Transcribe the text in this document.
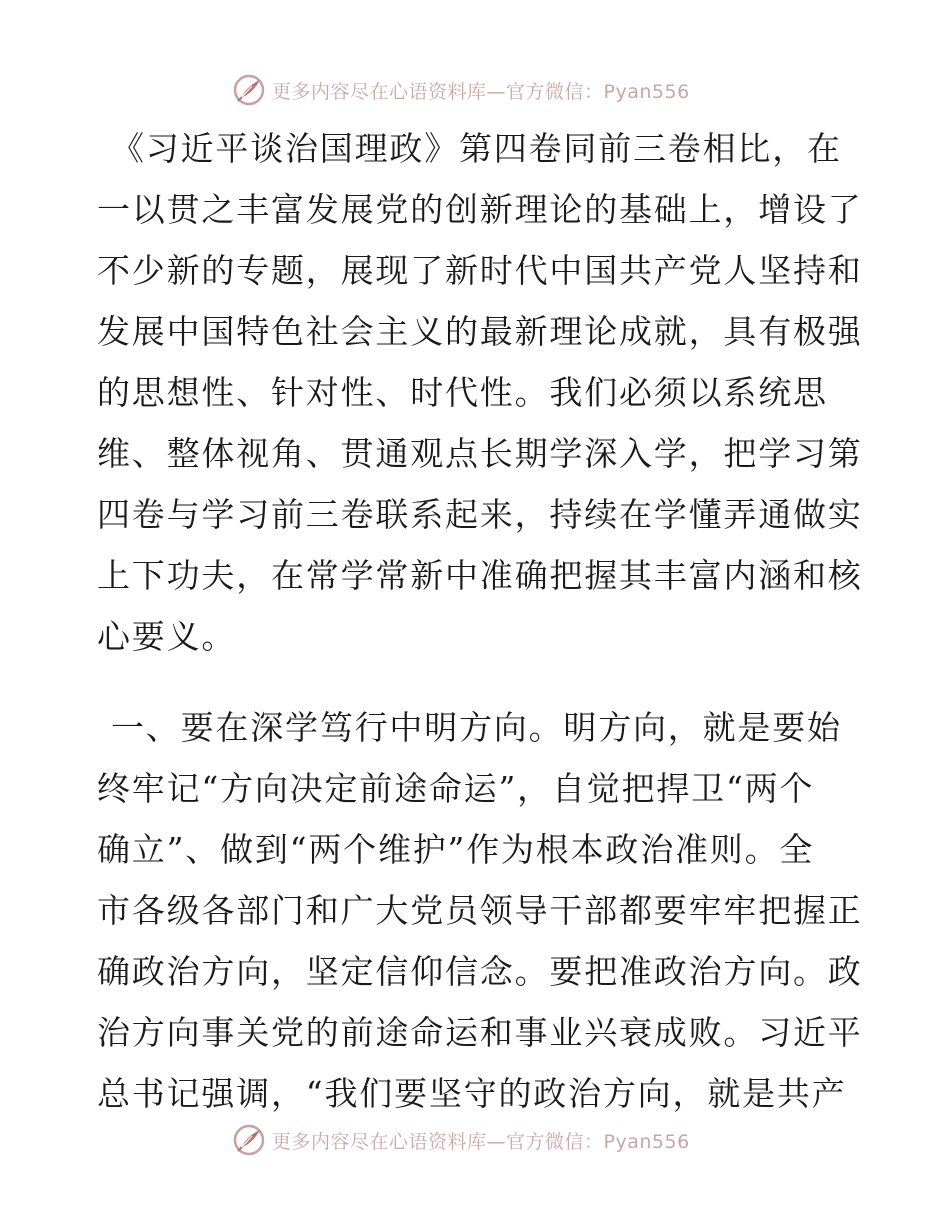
更多内容尽在心语资料库—官方微信：Pyan556
《习近平谈治国理政》第四卷同前三卷相比，在
一以贯之丰富发展党的创新理论的基础上，增设了
不少新的专题，展现了新时代中国共产党人坚持和
发展中国特色社会主义的最新理论成就，具有极强
的思想性、针对性、时代性。我们必须以系统思
维、整体视角、贯通观点长期学深入学，把学习第
四卷与学习前三卷联系起来，持续在学懂弄通做实
上下功夫，在常学常新中准确把握其丰富内涵和核
心要义。
一、要在深学笃行中明方向。明方向，就是要始
终牢记“方向决定前途命运”，自觉把捍卫“两个
确立”、做到“两个维护”作为根本政治准则。全
市各级各部门和广大党员领导干部都要牢牢把握正
确政治方向，坚定信仰信念。要把准政治方向。政
治方向事关党的前途命运和事业兴衰成败。习近平
总书记强调，“我们要坚守的政治方向，就是共产
更多内容尽在心语资料库—官方微信：Pyan556
